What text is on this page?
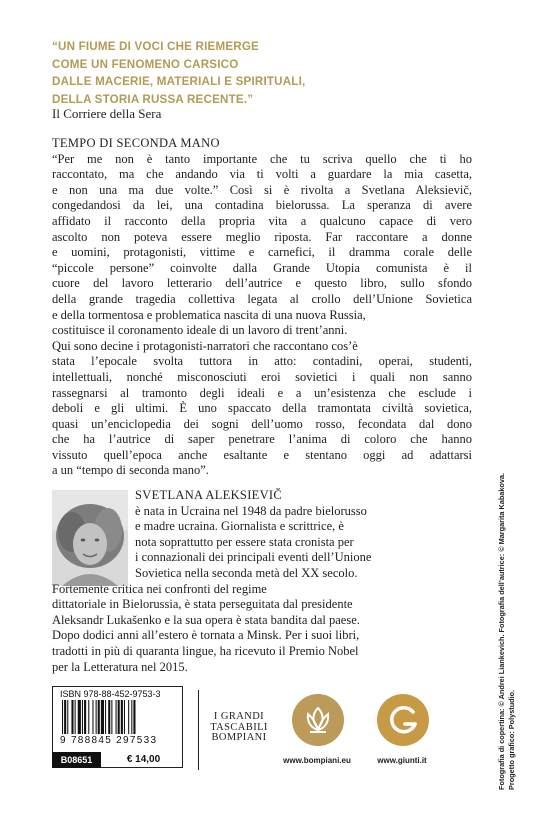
“UN FIUME DI VOCI CHE RIEMERGE
COME UN FENOMENO CARSICO
DALLE MACERIE, MATERIALI E SPIRITUALI,
DELLA STORIA RUSSA RECENTE.”
Il Corriere della Sera
TEMPO DI SECONDA MANO
“Per me non è tanto importante che tu scriva quello che ti ho
raccontato, ma che andando via ti volti a guardare la mia casetta,
e non una ma due volte.” Così si è rivolta a Svetlana Aleksievič,
congedandosi da lei, una contadina bielorussa. La speranza di avere
affidato il racconto della propria vita a qualcuno capace di vero
ascolto non poteva essere meglio riposta. Far raccontare a donne
e uomini, protagonisti, vittime e carnefici, il dramma corale delle
“piccole persone” coinvolte dalla Grande Utopia comunista è il
cuore del lavoro letterario dell’autrice e questo libro, sullo sfondo
della grande tragedia collettiva legata al crollo dell’Unione Sovietica
e della tormentosa e problematica nascita di una nuova Russia,
costituisce il coronamento ideale di un lavoro di trent’anni.
Qui sono decine i protagonisti-narratori che raccontano cos’è
stata l’epocale svolta tuttora in atto: contadini, operai, studenti,
intellettuali, nonché misconosciuti eroi sovietici i quali non sanno
rassegnarsi al tramonto degli ideali e a un’esistenza che esclude i
deboli e gli ultimi. È uno spaccato della tramontata civiltà sovietica,
quasi un’enciclopedia dei sogni dell’uomo rosso, fecondata dal dono
che ha l’autrice di saper penetrare l’anima di coloro che hanno
vissuto quell’epoca anche esaltante e stentano oggi ad adattarsi
a un “tempo di seconda mano”.
SVETLANA ALEKSIEVIČ
è nata in Ucraina nel 1948 da padre bielorusso
e madre ucraina. Giornalista e scrittrice, è
nota soprattutto per essere stata cronista per
i connazionali dei principali eventi dell’Unione
Sovietica nella seconda metà del XX secolo.
Fortemente critica nei confronti del regime
dittatoriale in Bielorussia, è stata perseguitata dal presidente
Aleksandr Lukašenko e la sua opera è stata bandita dal paese.
Dopo dodici anni all’estero è tornata a Minsk. Per i suoi libri,
tradotti in più di quaranta lingue, ha ricevuto il Premio Nobel
per la Letteratura nel 2015.
ISBN 978-88-452-9753-3
9 788845 297533
B08651	€ 14,00
I GRANDI
TASCABILI
BOMPIANI
www.bompiani.eu	www.giunti.it	Fotografia di copertina: © Andrei Liankevich. Fotografia dell’autrice: © Margarita Kabakova. Progetto grafico: Polystudio.
